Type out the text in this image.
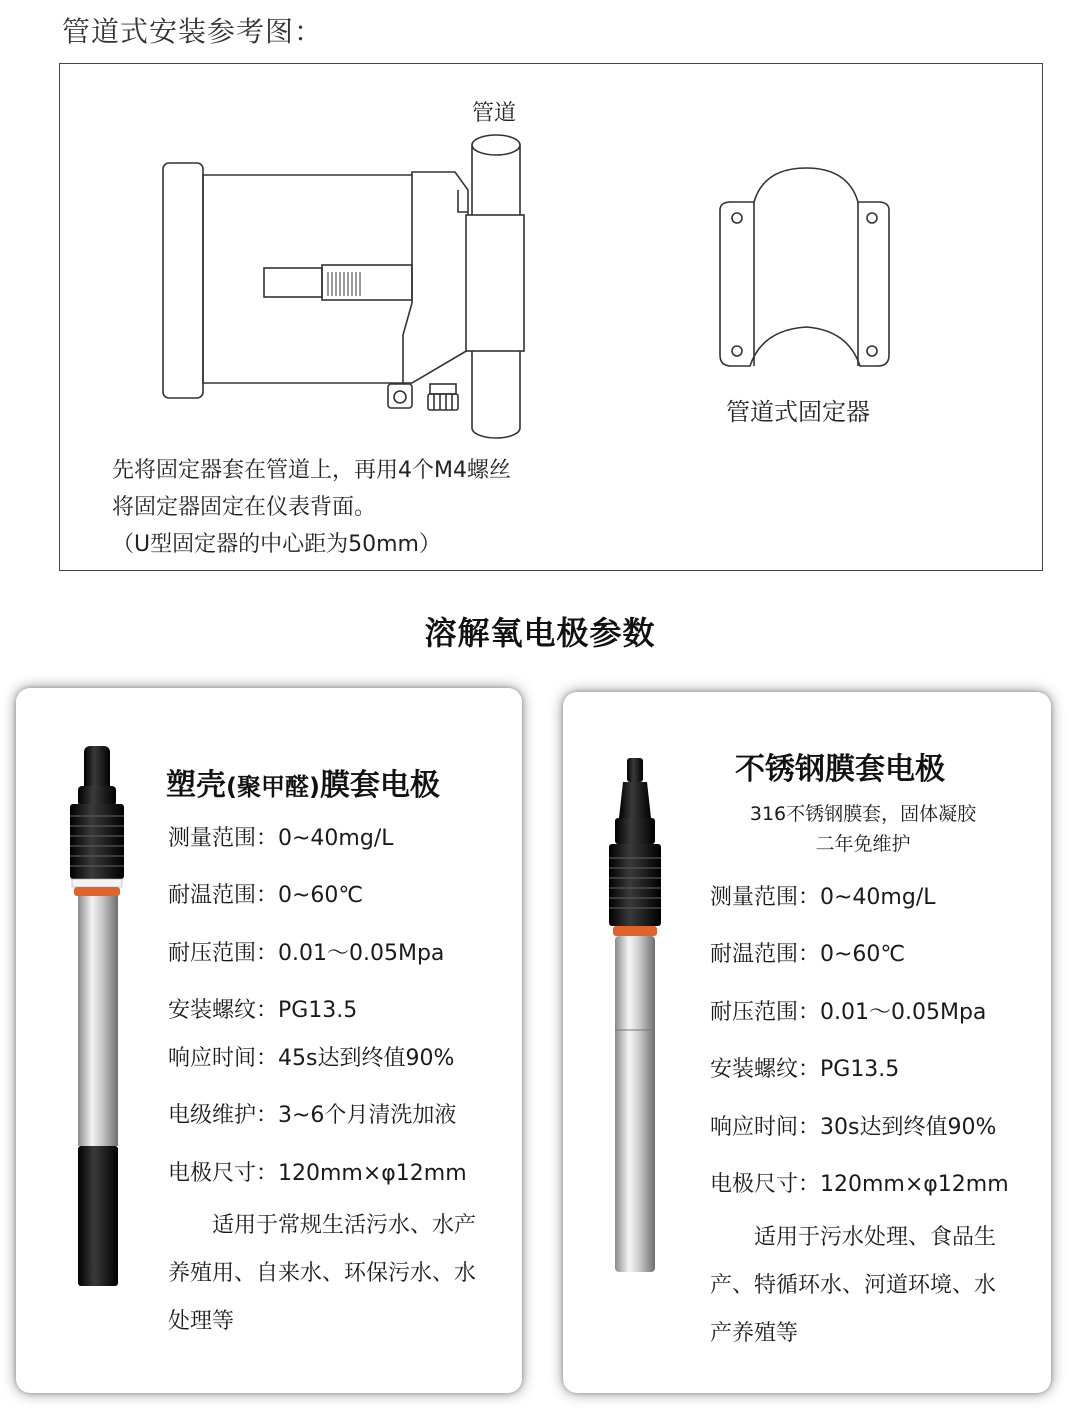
管道式安装参考图：
管道
管道式固定器
先将固定器套在管道上，再用4个M4螺丝
将固定器固定在仪表背面。
（U型固定器的中心距为50mm）
溶解氧电极参数
塑壳(聚甲醛)膜套电极
测量范围：0~40mg/L
耐温范围：0~60℃
耐压范围：0.01～0.05Mpa
安装螺纹：PG13.5
响应时间：45s达到终值90%
电级维护：3~6个月清洗加液
电极尺寸：120mm×φ12mm
　　适用于常规生活污水、水产
养殖用、自来水、环保污水、水
处理等
不锈钢膜套电极
316不锈钢膜套，固体凝胶
二年免维护
测量范围：0~40mg/L
耐温范围：0~60℃
耐压范围：0.01～0.05Mpa
安装螺纹：PG13.5
响应时间：30s达到终值90%
电极尺寸：120mm×φ12mm
　　适用于污水处理、食品生
产、特循环水、河道环境、水
产养殖等
